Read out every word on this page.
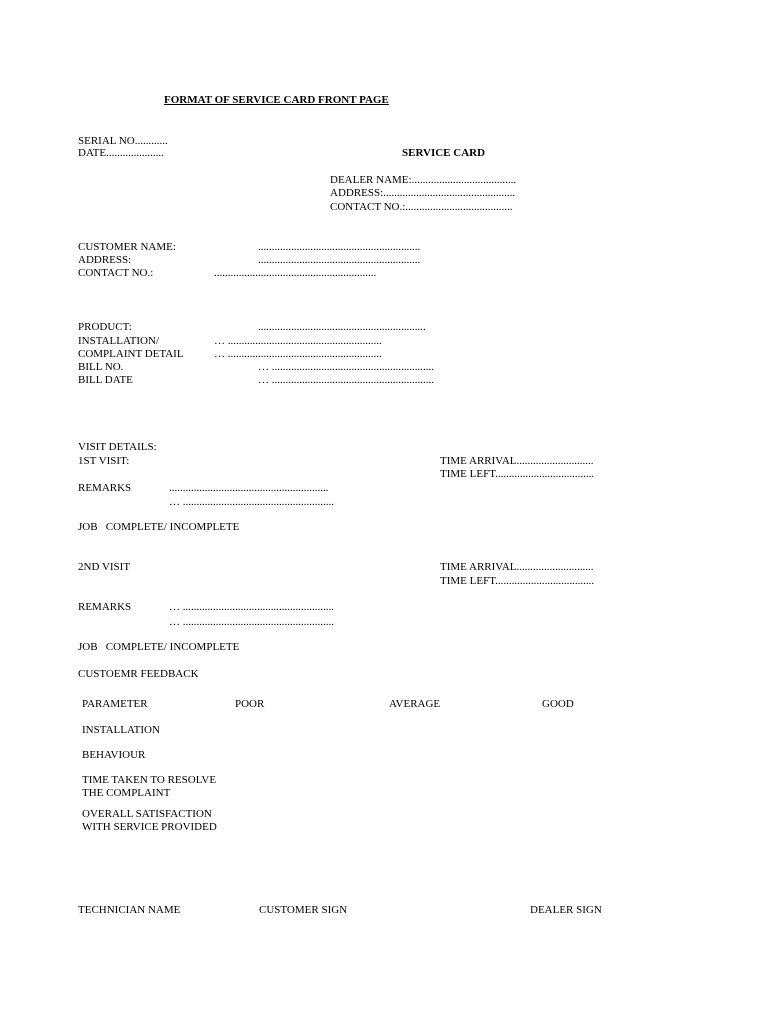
FORMAT OF SERVICE CARD FRONT PAGE
SERIAL NO............
DATE.....................	SERVICE CARD
DEALER NAME:......................................
ADDRESS:................................................
CONTACT NO.:.......................................
CUSTOMER NAME:	...........................................................
ADDRESS:	...........................................................
CONTACT NO.:	...........................................................
PRODUCT:	.............................................................
INSTALLATION/	… ........................................................
COMPLAINT DETAIL	… ........................................................
BILL NO.	… ...........................................................
BILL DATE	… ...........................................................
VISIT DETAILS:
1ST VISIT:	TIME ARRIVAL............................
TIME LEFT....................................
REMARKS	..........................................................
… .......................................................
JOB   COMPLETE/ INCOMPLETE
2ND VISIT	TIME ARRIVAL............................
TIME LEFT....................................
REMARKS	… .......................................................
… .......................................................
JOB   COMPLETE/ INCOMPLETE
CUSTOEMR FEEDBACK
PARAMETER	POOR	AVERAGE	GOOD
INSTALLATION
BEHAVIOUR
TIME TAKEN TO RESOLVE
THE COMPLAINT
OVERALL SATISFACTION
WITH SERVICE PROVIDED
TECHNICIAN NAME	CUSTOMER SIGN	DEALER SIGN
